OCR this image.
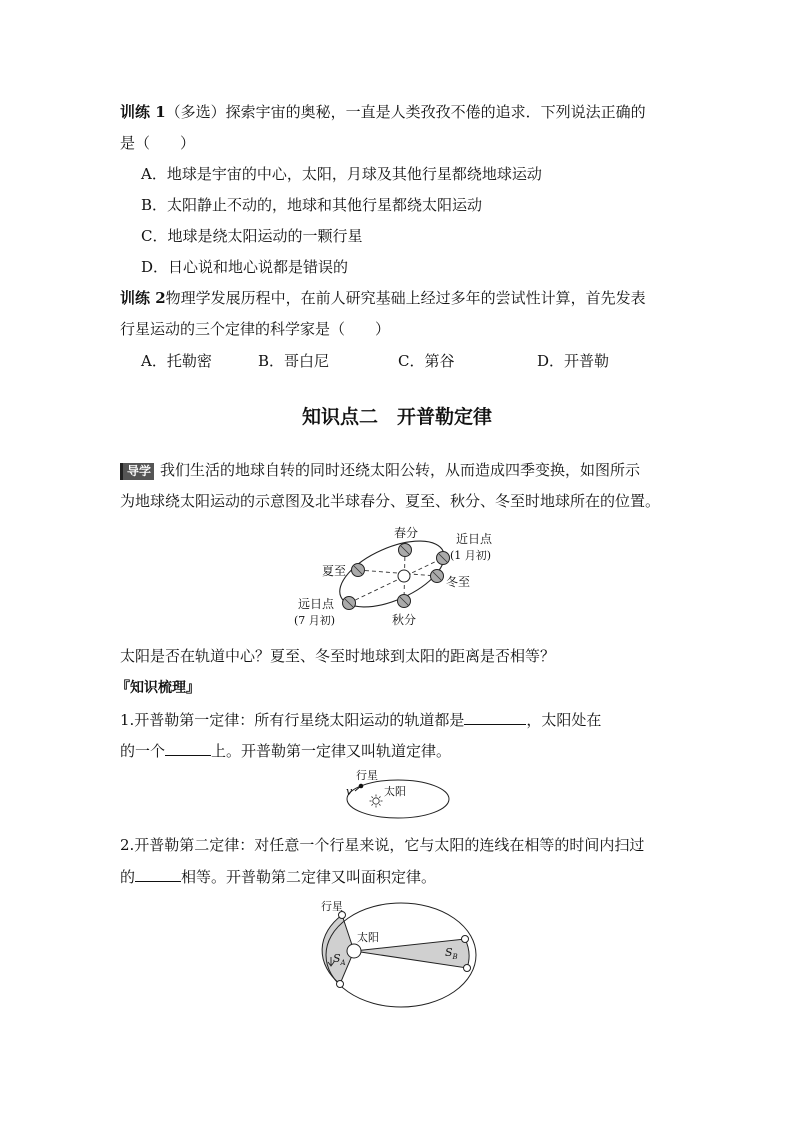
训练 1（多选）探索宇宙的奥秘，一直是人类孜孜不倦的追求．下列说法正确的
是（　　）
A．地球是宇宙的中心，太阳，月球及其他行星都绕地球运动
B．太阳静止不动的，地球和其他行星都绕太阳运动
C．地球是绕太阳运动的一颗行星
D．日心说和地心说都是错误的
训练 2物理学发展历程中，在前人研究基础上经过多年的尝试性计算，首先发表
行星运动的三个定律的科学家是（　　）
A．托勒密	B．哥白尼	C．第谷	D．开普勒
知识点二　开普勒定律
导学 我们生活的地球自转的同时还绕太阳公转，从而造成四季变换，如图所示
为地球绕太阳运动的示意图及北半球春分、夏至、秋分、冬至时地球所在的位置。
春分	近日点
(1 月初)
夏至
冬至
远日点
(7 月初)	秋分
太阳是否在轨道中心？夏至、冬至时地球到太阳的距离是否相等？
『知识梳理』
1.开普勒第一定律：所有行星绕太阳运动的轨道都是	，太阳处在
的一个	上。开普勒第一定律又叫轨道定律。
行星
v	太阳
2.开普勒第二定律：对任意一个行星来说，它与太阳的连线在相等的时间内扫过
的	相等。开普勒第二定律又叫面积定律。
行星
太阳
$S_A$
$S_B$
